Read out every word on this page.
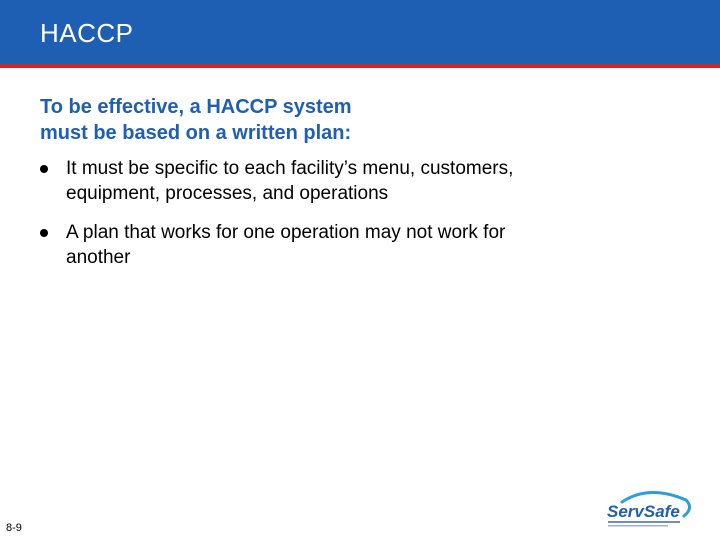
HACCP
To be effective, a HACCP system
must be based on a written plan:
It must be specific to each facility’s menu, customers, equipment, processes, and operations
A plan that works for one operation may not work for another
8-9
ServSafe
